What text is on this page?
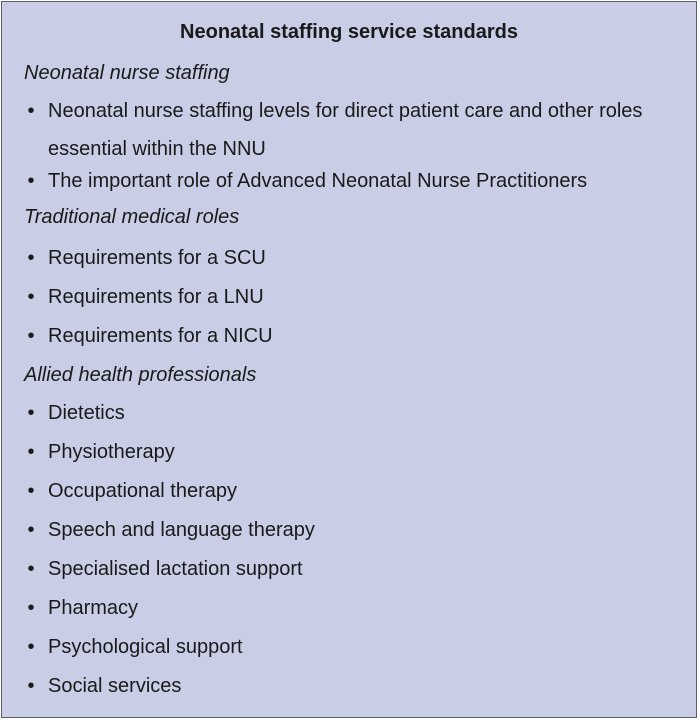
Neonatal staffing service standards
Neonatal nurse staffing
• Neonatal nurse staffing levels for direct patient care and other roles essential within the NNU
• The important role of Advanced Neonatal Nurse Practitioners
Traditional medical roles
• Requirements for a SCU
• Requirements for a LNU
• Requirements for a NICU
Allied health professionals
• Dietetics
• Physiotherapy
• Occupational therapy
• Speech and language therapy
• Specialised lactation support
• Pharmacy
• Psychological support
• Social services
